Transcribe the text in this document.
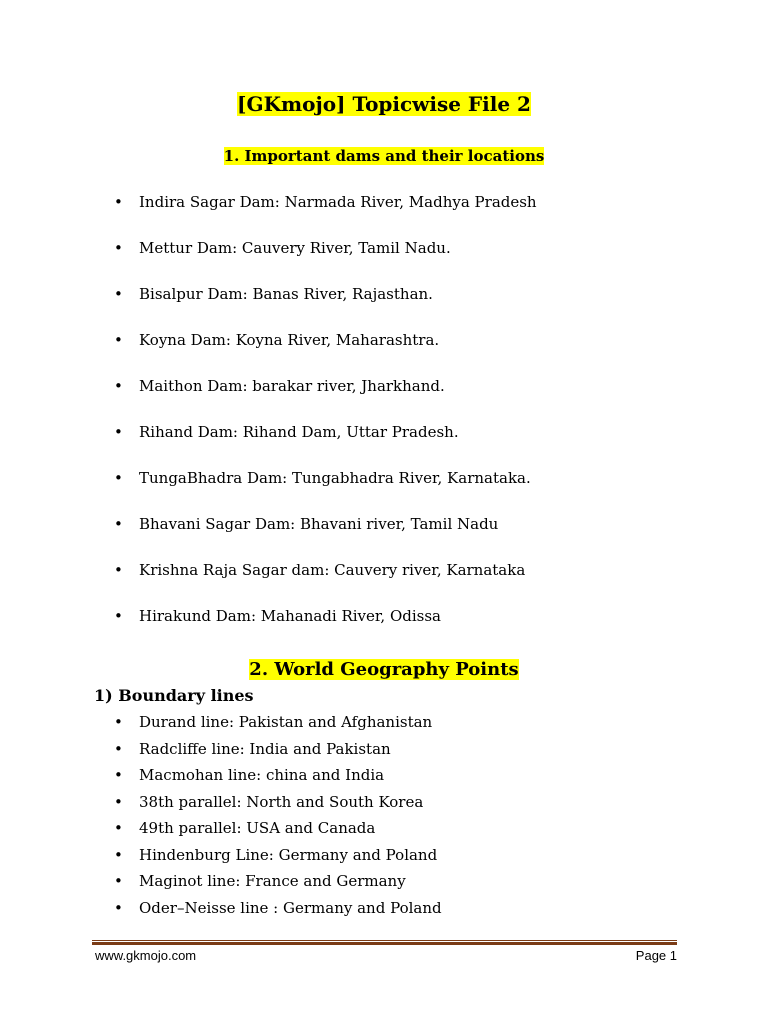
[GKmojo] Topicwise File 2
1. Important dams and their locations
• Indira Sagar Dam: Narmada River, Madhya Pradesh
• Mettur Dam: Cauvery River, Tamil Nadu.
• Bisalpur Dam: Banas River, Rajasthan.
• Koyna Dam: Koyna River, Maharashtra.
• Maithon Dam: barakar river, Jharkhand.
• Rihand Dam: Rihand Dam, Uttar Pradesh.
• TungaBhadra Dam: Tungabhadra River, Karnataka.
• Bhavani Sagar Dam: Bhavani river, Tamil Nadu
• Krishna Raja Sagar dam: Cauvery river, Karnataka
• Hirakund Dam: Mahanadi River, Odissa
2. World Geography Points
1) Boundary lines
• Durand line: Pakistan and Afghanistan
• Radcliffe line: India and Pakistan
• Macmohan line: china and India
• 38th parallel: North and South Korea
• 49th parallel: USA and Canada
• Hindenburg Line: Germany and Poland
• Maginot line: France and Germany
• Oder–Neisse line : Germany and Poland
www.gkmojo.com	Page 1
